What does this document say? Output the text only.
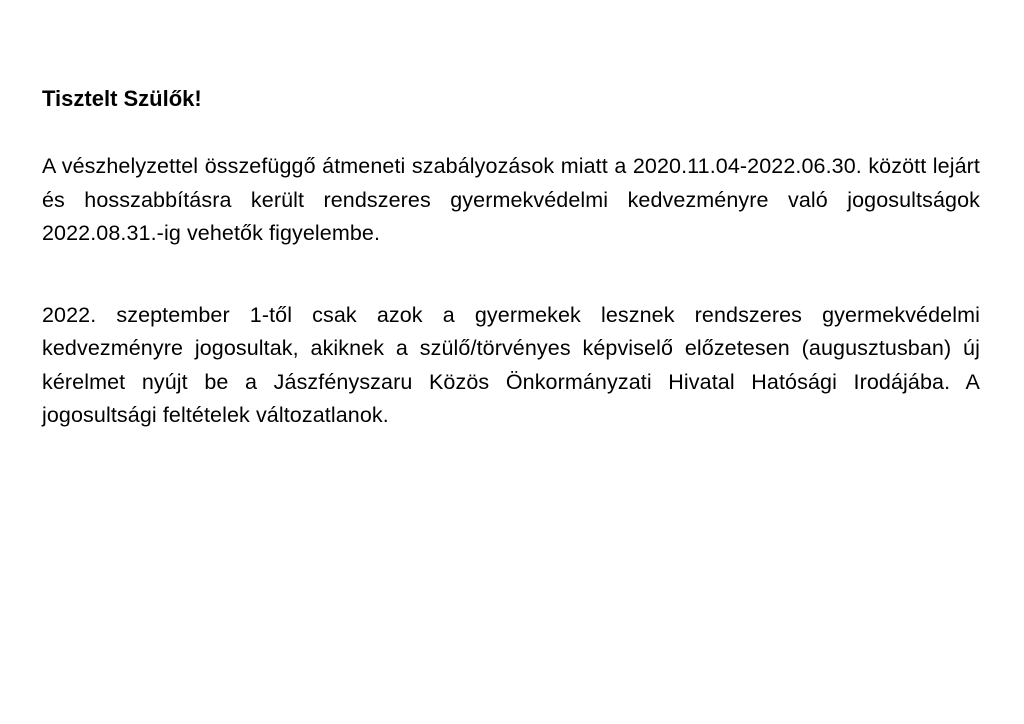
Tisztelt Szülők!

A vészhelyzettel összefüggő átmeneti szabályozások miatt a 2020.11.04-2022.06.30. között lejárt és hosszabbításra került rendszeres gyermekvédelmi kedvezményre való jogosultságok 2022.08.31.-ig vehetők figyelembe.

2022. szeptember 1-től csak azok a gyermekek lesznek rendszeres gyermekvédelmi kedvezményre jogosultak, akiknek a szülő/törvényes képviselő előzetesen (augusztusban) új kérelmet nyújt be a Jászfényszaru Közös Önkormányzati Hivatal Hatósági Irodájába. A jogosultsági feltételek változatlanok.
